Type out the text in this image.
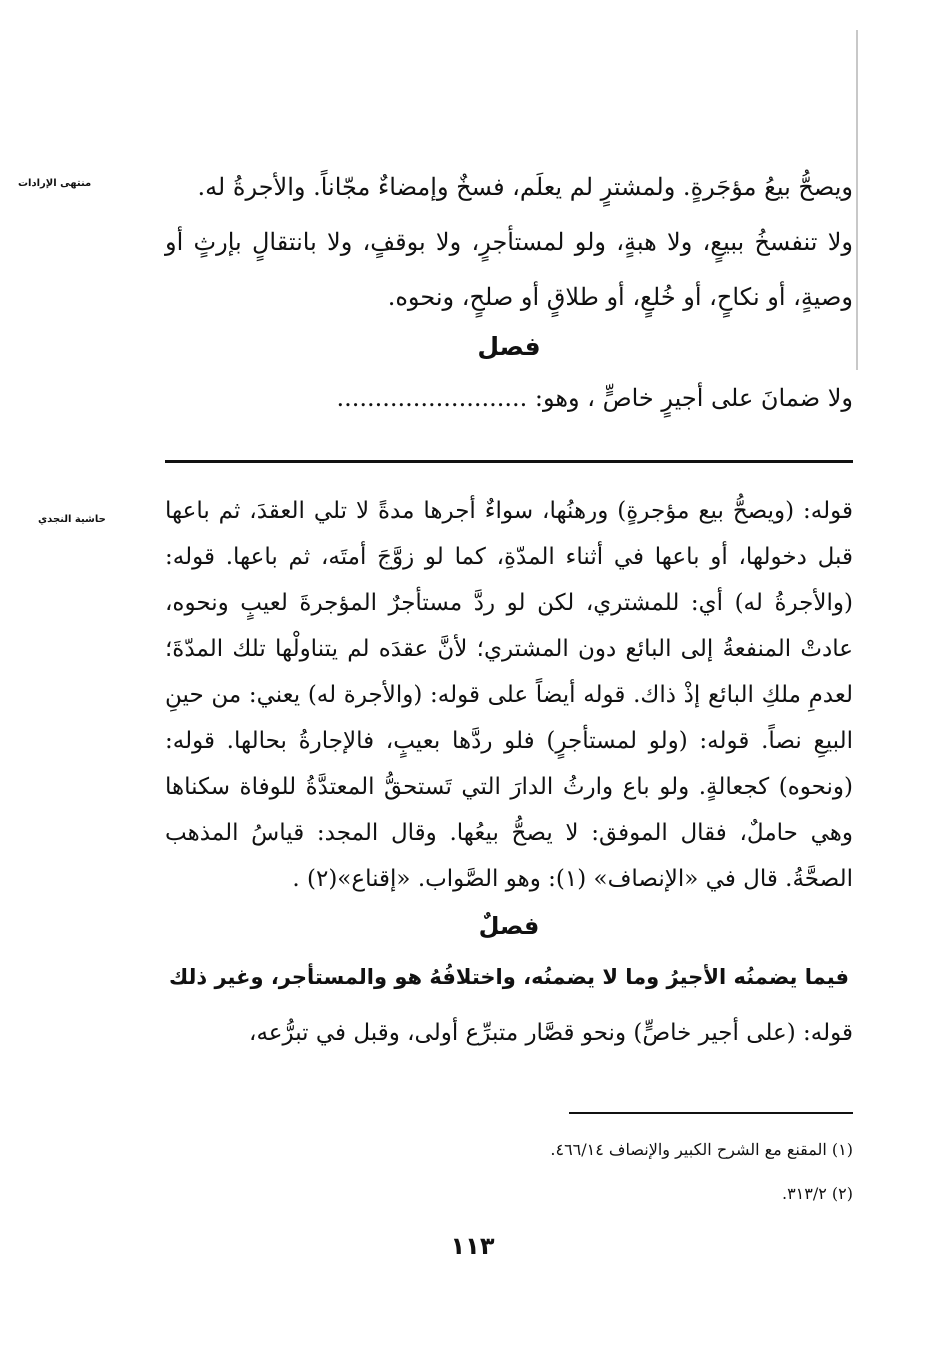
منتهى الإرادات
حاشية النجدي

ويصحُّ بيعُ مؤجَرةٍ. ولمشترٍ لم يعلَم، فسخٌ وإمضاءٌ مجّاناً. والأجرةُ له.

ولا تنفسخُ ببيعٍ، ولا هبةٍ، ولو لمستأجرٍ، ولا بوقفٍ، ولا بانتقالٍ بإرثٍ أو وصيةٍ، أو نكاحٍ، أو خُلعٍ، أو طلاقٍ أو صلحٍ، ونحوه.

فصل

ولا ضمانَ على أجيرٍ خاصٍّ ، وهو: .........................

قوله: (ويصحُّ بيع مؤجرةٍ) ورهنُها، سواءٌ أجرها مدةً لا تلي العقدَ، ثم باعها قبل دخولها، أو باعها في أثناء المدّةِ، كما لو زوَّجَ أمتَه، ثم باعها. قوله: (والأجرةُ له) أي: للمشتري، لكن لو ردَّ مستأجرٌ المؤجرةَ لعيبٍ ونحوه، عادتْ المنفعةُ إلى البائع دون المشتري؛ لأنَّ عقدَه لم يتناولْها تلك المدّةَ؛ لعدمِ ملكِ البائع إذْ ذاك. قوله أيضاً على قوله: (والأجرة له) يعني: من حينِ البيعِ نصاً. قوله: (ولو لمستأجرٍ) فلو ردَّها بعيبٍ، فالإجارةُ بحالها. قوله: (ونحوه) كجعالةٍ. ولو باع وارثُ الدارَ التي تَستحقُّ المعتدَّةُ للوفاة سكناها وهي حاملٌ، فقال الموفق: لا يصحُّ بيعُها. وقال المجد: قياسُ المذهب الصحَّةُ. قال في «الإنصاف» (١): وهو الصَّواب. «إقناع»(٢) .

فصلٌ
فيما يضمنُه الأجيرُ وما لا يضمنُه، واختلافُهُ هو والمستأجر، وغير ذلك

قوله: (على أجير خاصٍّ) ونحو قصَّار متبرِّع أولى، وقبل في تبرُّعه،

(١) المقنع مع الشرح الكبير والإنصاف ٤٦٦/١٤.
(٢) ٣١٣/٢.
١١٣
